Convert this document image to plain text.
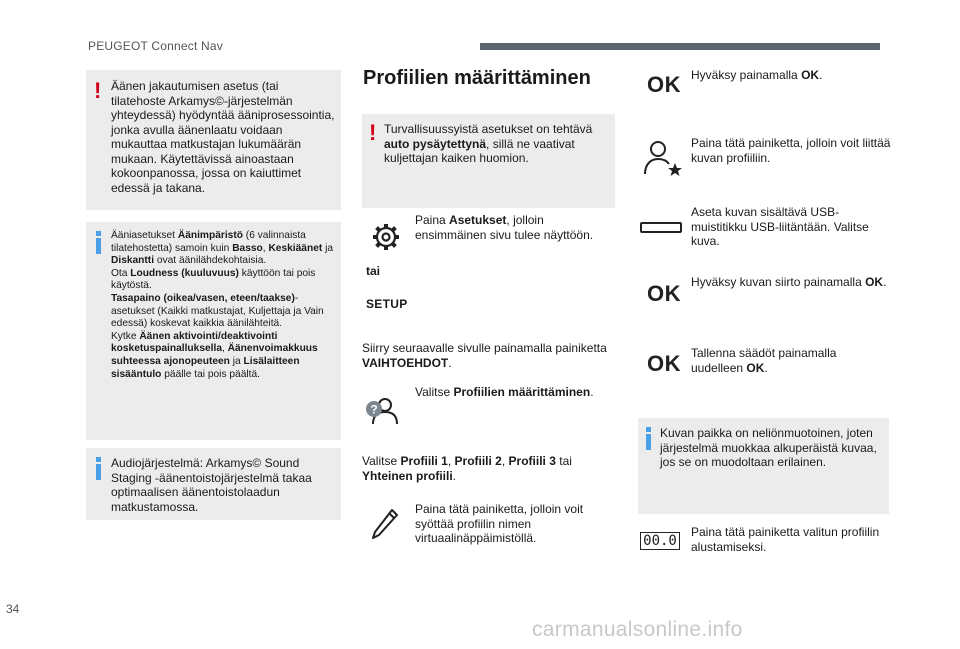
PEUGEOT Connect Nav
! Äänen jakautumisen asetus (tai tilatehoste Arkamys©-järjestelmän yhteydessä) hyödyntää ääniprosessointia, jonka avulla äänenlaatu voidaan mukauttaa matkustajan lukumäärän mukaan. Käytettävissä ainoastaan kokoonpanossa, jossa on kaiuttimet edessä ja takana.
Ääniasetukset Äänimpäristö (6 valinnaista tilatehostetta) samoin kuin Basso, Keskiäänet ja Diskantti ovat äänilähdekohtaisia.
Ota Loudness (kuuluvuus) käyttöön tai pois käytöstä.
Tasapaino (oikea/vasen, eteen/taakse)-asetukset (Kaikki matkustajat, Kuljettaja ja Vain edessä) koskevat kaikkia äänilähteitä.
Kytke Äänen aktivointi/deaktivointi kosketuspainalluksella, Äänenvoimakkuus suhteessa ajonopeuteen ja Lisälaitteen sisääntulo päälle tai pois päältä.
Audiojärjestelmä: Arkamys© Sound Staging -äänentoistojärjestelmä takaa optimaalisen äänentoistolaadun matkustamossa.
Profiilien määrittäminen
! Turvallisuussyistä asetukset on tehtävä auto pysäytettynä, sillä ne vaativat kuljettajan kaiken huomion.
Paina Asetukset, jolloin ensimmäinen sivu tulee näyttöön.
tai
SETUP
Siirry seuraavalle sivulle painamalla painiketta VAIHTOEHDOT.
?
Valitse Profiilien määrittäminen.
Valitse Profiili 1, Profiili 2, Profiili 3 tai Yhteinen profiili.
Paina tätä painiketta, jolloin voit syöttää profiilin nimen virtuaalinäppäimistöllä.
OK Hyväksy painamalla OK.
Paina tätä painiketta, jolloin voit liittää kuvan profiiliin.
Aseta kuvan sisältävä USB-muistitikku USB-liitäntään. Valitse kuva.
OK Hyväksy kuvan siirto painamalla OK.
OK Tallenna säädöt painamalla uudelleen OK.
Kuvan paikka on neliönmuotoinen, joten järjestelmä muokkaa alkuperäistä kuvaa, jos se on muodoltaan erilainen.
00.0
Paina tätä painiketta valitun profiilin alustamiseksi.
34
carmanualsonline.info
